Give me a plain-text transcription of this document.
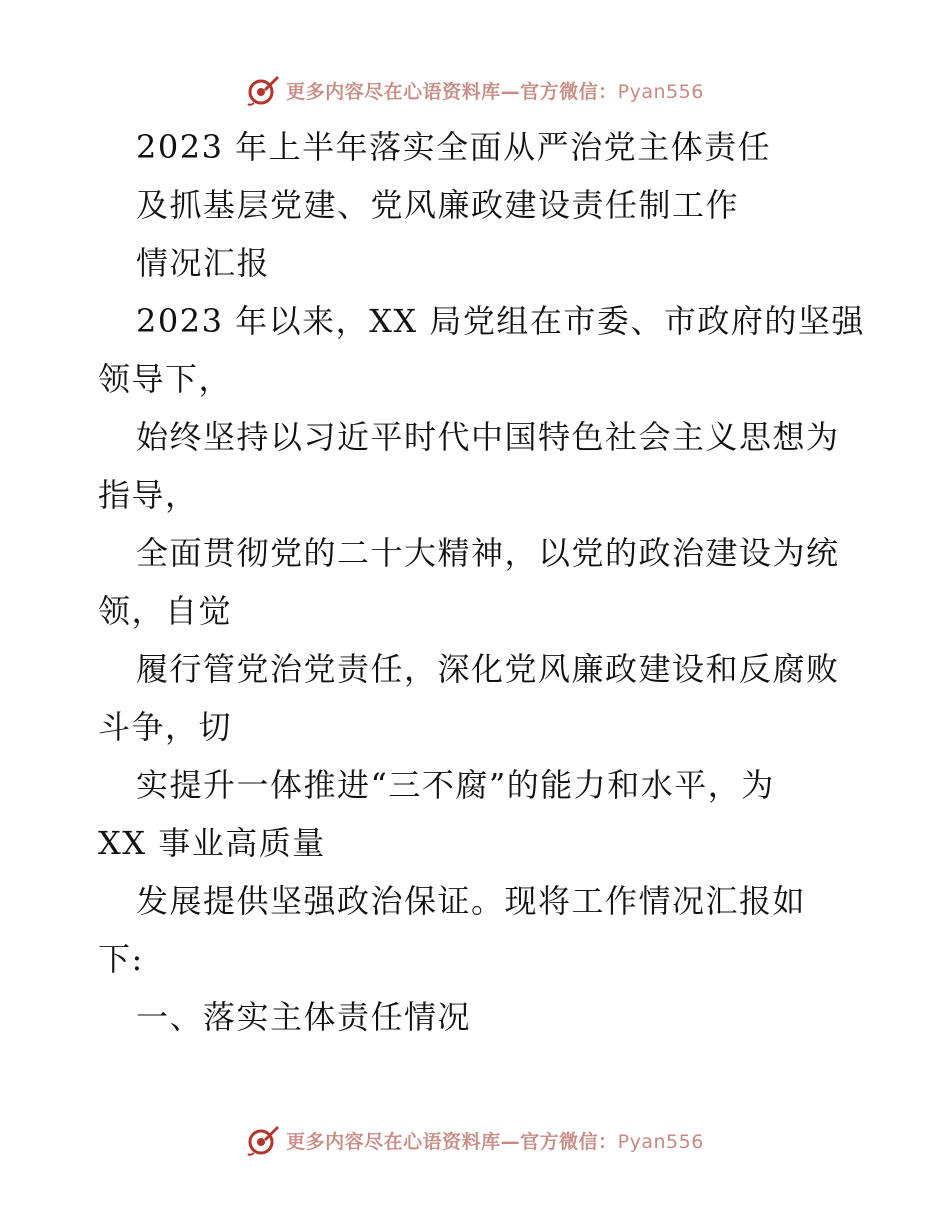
更多内容尽在心语资料库—官方微信：Pyan556
2023 年上半年落实全面从严治党主体责任
及抓基层党建、党风廉政建设责任制工作
情况汇报
2023 年以来，XX 局党组在市委、市政府的坚强
领导下，
始终坚持以习近平时代中国特色社会主义思想为
指导，
全面贯彻党的二十大精神，以党的政治建设为统
领，自觉
履行管党治党责任，深化党风廉政建设和反腐败
斗争，切
实提升一体推进“三不腐”的能力和水平，为
XX 事业高质量
发展提供坚强政治保证。现将工作情况汇报如
下:
一、落实主体责任情况
更多内容尽在心语资料库—官方微信：Pyan556
